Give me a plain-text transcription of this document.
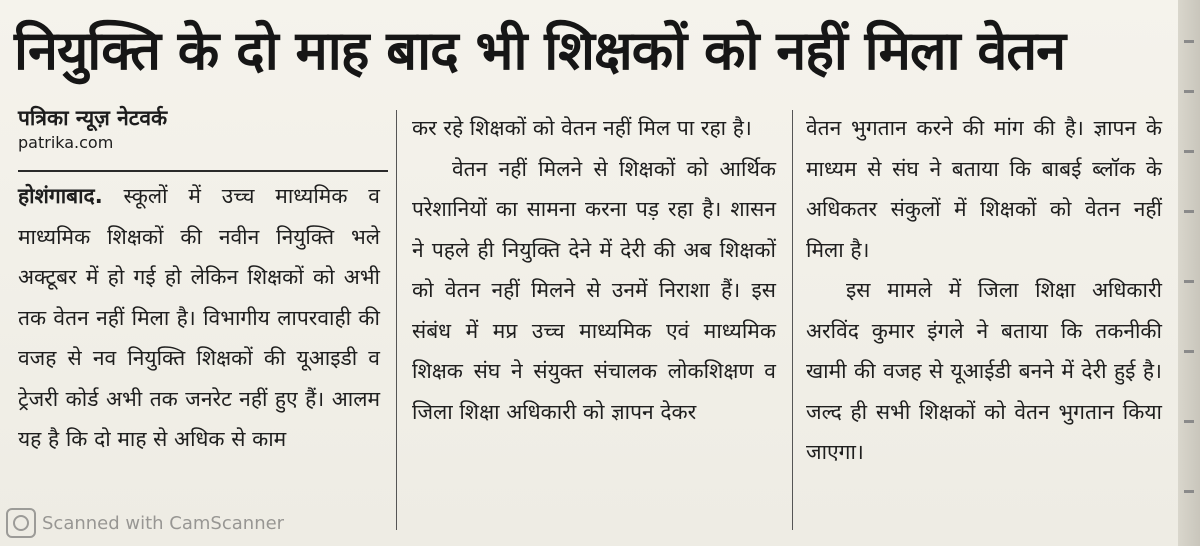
नियुक्ति के दो माह बाद भी शिक्षकों को नहीं मिला वेतन
पत्रिका न्यूज़ नेटवर्क
patrika.com

होशंगाबाद. स्कूलों में उच्च माध्यमिक व माध्यमिक शिक्षकों की नवीन नियुक्ति भले अक्टूबर में हो गई हो लेकिन शिक्षकों को अभी तक वेतन नहीं मिला है। विभागीय लापरवाही की वजह से नव नियुक्ति शिक्षकों की यूआइडी व ट्रेजरी कोर्ड अभी तक जनरेट नहीं हुए हैं। आलम यह है कि दो माह से अधिक से काम

कर रहे शिक्षकों को वेतन नहीं मिल पा रहा है।

वेतन नहीं मिलने से शिक्षकों को आर्थिक परेशानियों का सामना करना पड़ रहा है। शासन ने पहले ही नियुक्ति देने में देरी की अब शिक्षकों को वेतन नहीं मिलने से उनमें निराशा हैं। इस संबंध में मप्र उच्च माध्यमिक एवं माध्यमिक शिक्षक संघ ने संयुक्त संचालक लोकशिक्षण व जिला शिक्षा अधिकारी को ज्ञापन देकर

वेतन भुगतान करने की मांग की है। ज्ञापन के माध्यम से संघ ने बताया कि बाबई ब्लॉक के अधिकतर संकुलों में शिक्षकों को वेतन नहीं मिला है।

इस मामले में जिला शिक्षा अधिकारी अरविंद कुमार इंगले ने बताया कि तकनीकी खामी की वजह से यूआईडी बनने में देरी हुई है। जल्द ही सभी शिक्षकों को वेतन भुगतान किया जाएगा।

Scanned with CamScanner
